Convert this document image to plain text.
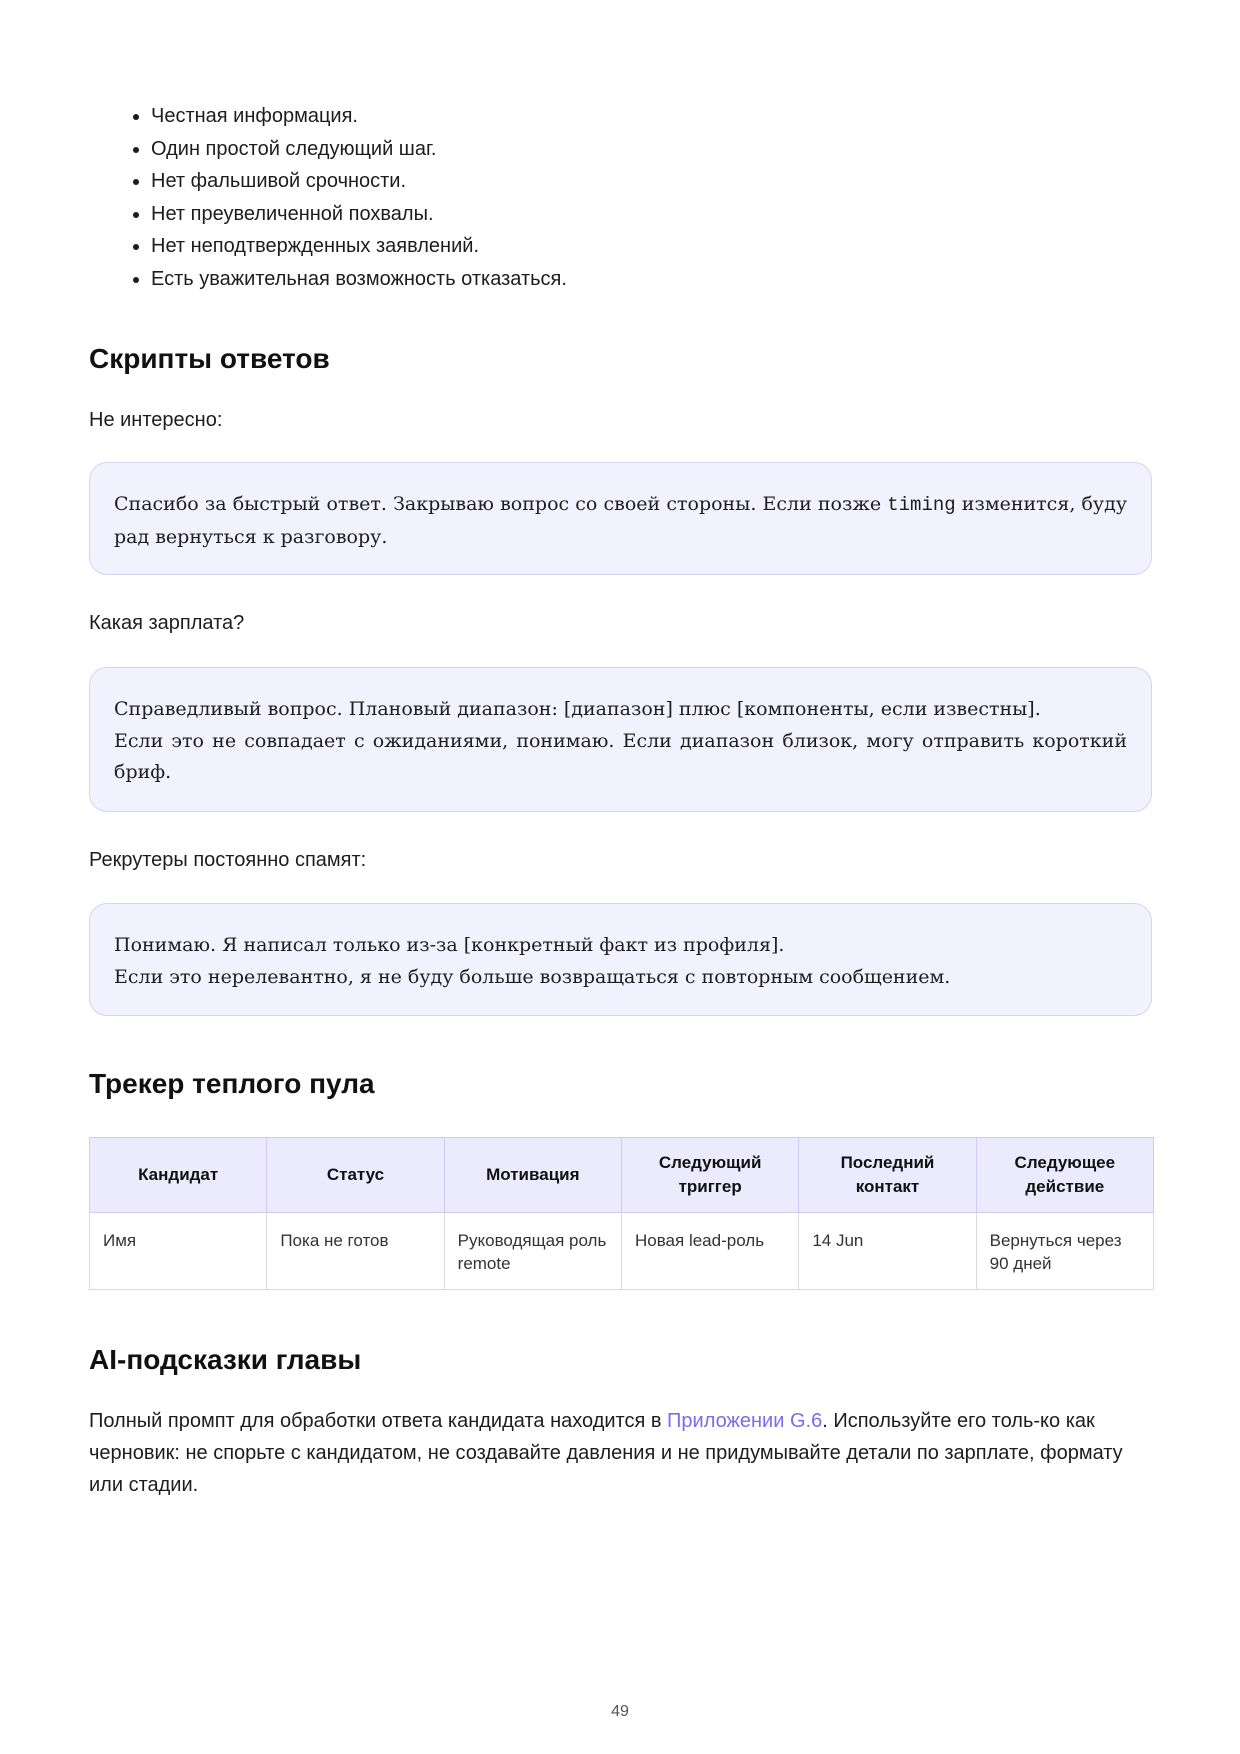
• Честная информация.
• Один простой следующий шаг.
• Нет фальшивой срочности.
• Нет преувеличенной похвалы.
• Нет неподтвержденных заявлений.
• Есть уважительная возможность отказаться.
Скрипты ответов

Не интересно:

Спасибо за быстрый ответ. Закрываю вопрос со своей стороны. Если позже timing изменится, буду рад вернуться к разговору.

Какая зарплата?

Справедливый вопрос. Плановый диапазон: [диапазон] плюс [компоненты, если известны].
Если это не совпадает с ожиданиями, понимаю. Если диапазон близок, могу отправить короткий бриф.

Рекрутеры постоянно спамят:

Понимаю. Я написал только из-за [конкретный факт из профиля].
Если это нерелевантно, я не буду больше возвращаться с повторным сообщением.
Трекер теплого пула
Кандидат	Статус	Мотивация	Следующий триггер	Последний контакт	Следующее действие
Имя	Пока не готов	Руководящая роль remote	Новая lead-роль	14 Jun	Вернуться через 90 дней
AI-подсказки главы

Полный промпт для обработки ответа кандидата находится в Приложении G.6. Используйте его толь-ко как черновик: не спорьте с кандидатом, не создавайте давления и не придумывайте детали по зарплате, формату или стадии.

49
